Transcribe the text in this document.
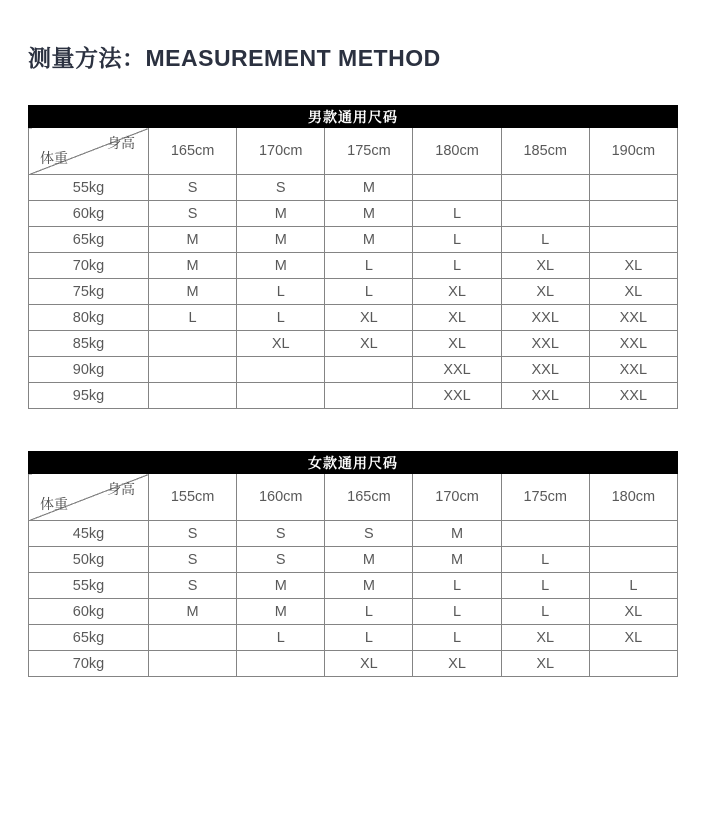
测量方法：MEASUREMENT METHOD
男款通用尺码						

身高
体重	165cm	170cm	175cm	180cm	185cm	190cm
55kg	S	S	M			
60kg	S	M	M	L		
65kg	M	M	M	L	L	
70kg	M	M	L	L	XL	XL
75kg	M	L	L	XL	XL	XL
80kg	L	L	XL	XL	XXL	XXL
85kg		XL	XL	XL	XXL	XXL
90kg				XXL	XXL	XXL
95kg				XXL	XXL	XXL
女款通用尺码						

身高
体重	155cm	160cm	165cm	170cm	175cm	180cm
45kg	S	S	S	M		
50kg	S	S	M	M	L	
55kg	S	M	M	L	L	L
60kg	M	M	L	L	L	XL
65kg		L	L	L	XL	XL
70kg			XL	XL	XL	
